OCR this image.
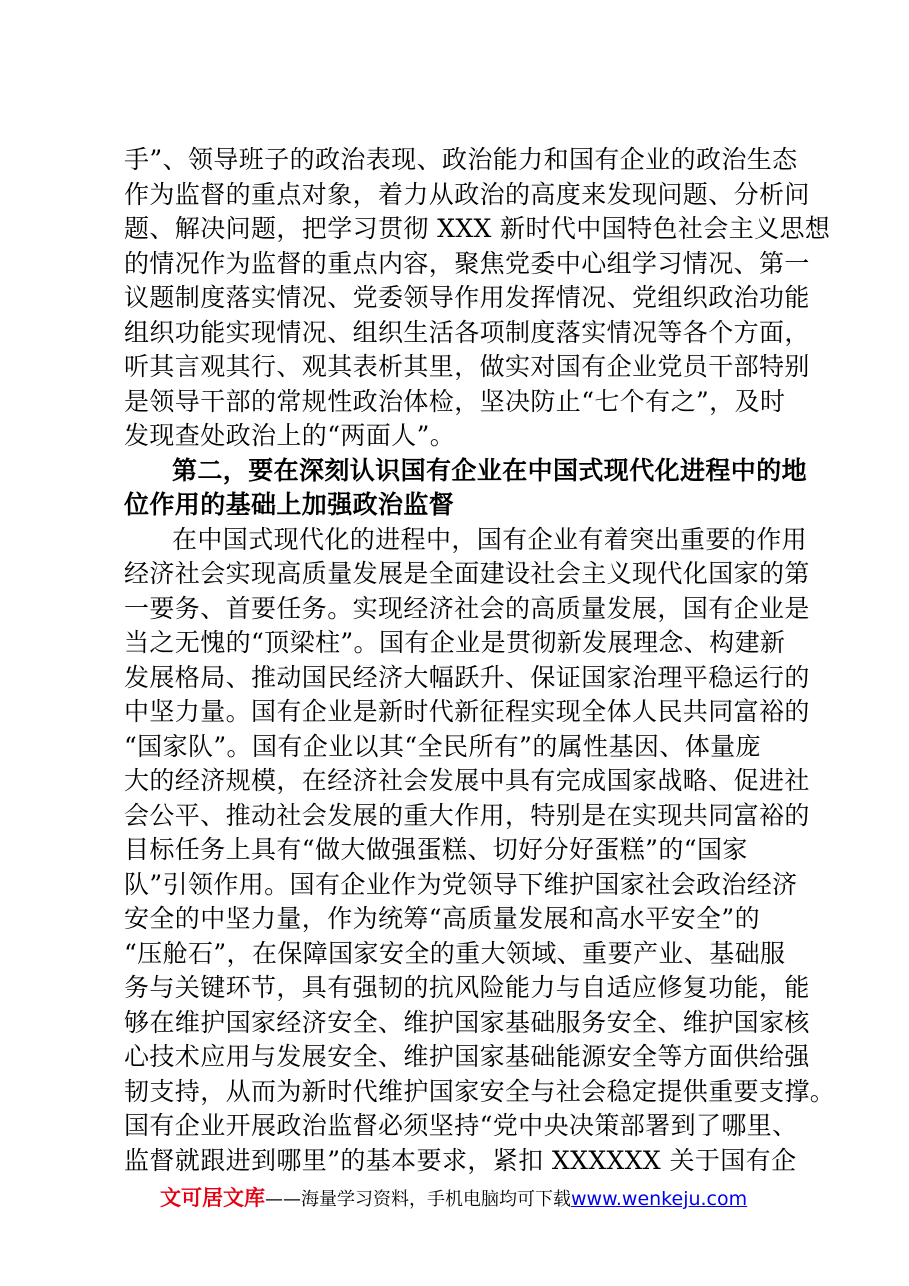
手”、领导班子的政治表现、政治能力和国有企业的政治生态
作为监督的重点对象，着力从政治的高度来发现问题、分析问
题、解决问题，把学习贯彻 XXX 新时代中国特色社会主义思想
的情况作为监督的重点内容，聚焦党委中心组学习情况、第一
议题制度落实情况、党委领导作用发挥情况、党组织政治功能
组织功能实现情况、组织生活各项制度落实情况等各个方面，
听其言观其行、观其表析其里，做实对国有企业党员干部特别
是领导干部的常规性政治体检，坚决防止“七个有之”，及时
发现查处政治上的“两面人”。
第二，要在深刻认识国有企业在中国式现代化进程中的地
位作用的基础上加强政治监督
在中国式现代化的进程中，国有企业有着突出重要的作用
经济社会实现高质量发展是全面建设社会主义现代化国家的第
一要务、首要任务。实现经济社会的高质量发展，国有企业是
当之无愧的“顶梁柱”。国有企业是贯彻新发展理念、构建新
发展格局、推动国民经济大幅跃升、保证国家治理平稳运行的
中坚力量。国有企业是新时代新征程实现全体人民共同富裕的
“国家队”。国有企业以其“全民所有”的属性基因、体量庞
大的经济规模，在经济社会发展中具有完成国家战略、促进社
会公平、推动社会发展的重大作用，特别是在实现共同富裕的
目标任务上具有“做大做强蛋糕、切好分好蛋糕”的“国家
队”引领作用。国有企业作为党领导下维护国家社会政治经济
安全的中坚力量，作为统筹“高质量发展和高水平安全”的
“压舱石”，在保障国家安全的重大领域、重要产业、基础服
务与关键环节，具有强韧的抗风险能力与自适应修复功能，能
够在维护国家经济安全、维护国家基础服务安全、维护国家核
心技术应用与发展安全、维护国家基础能源安全等方面供给强
韧支持，从而为新时代维护国家安全与社会稳定提供重要支撑。
国有企业开展政治监督必须坚持“党中央决策部署到了哪里、
监督就跟进到哪里”的基本要求，紧扣 XXXXXX 关于国有企
文可居文库——海量学习资料，手机电脑均可下载www.wenkeju.com
